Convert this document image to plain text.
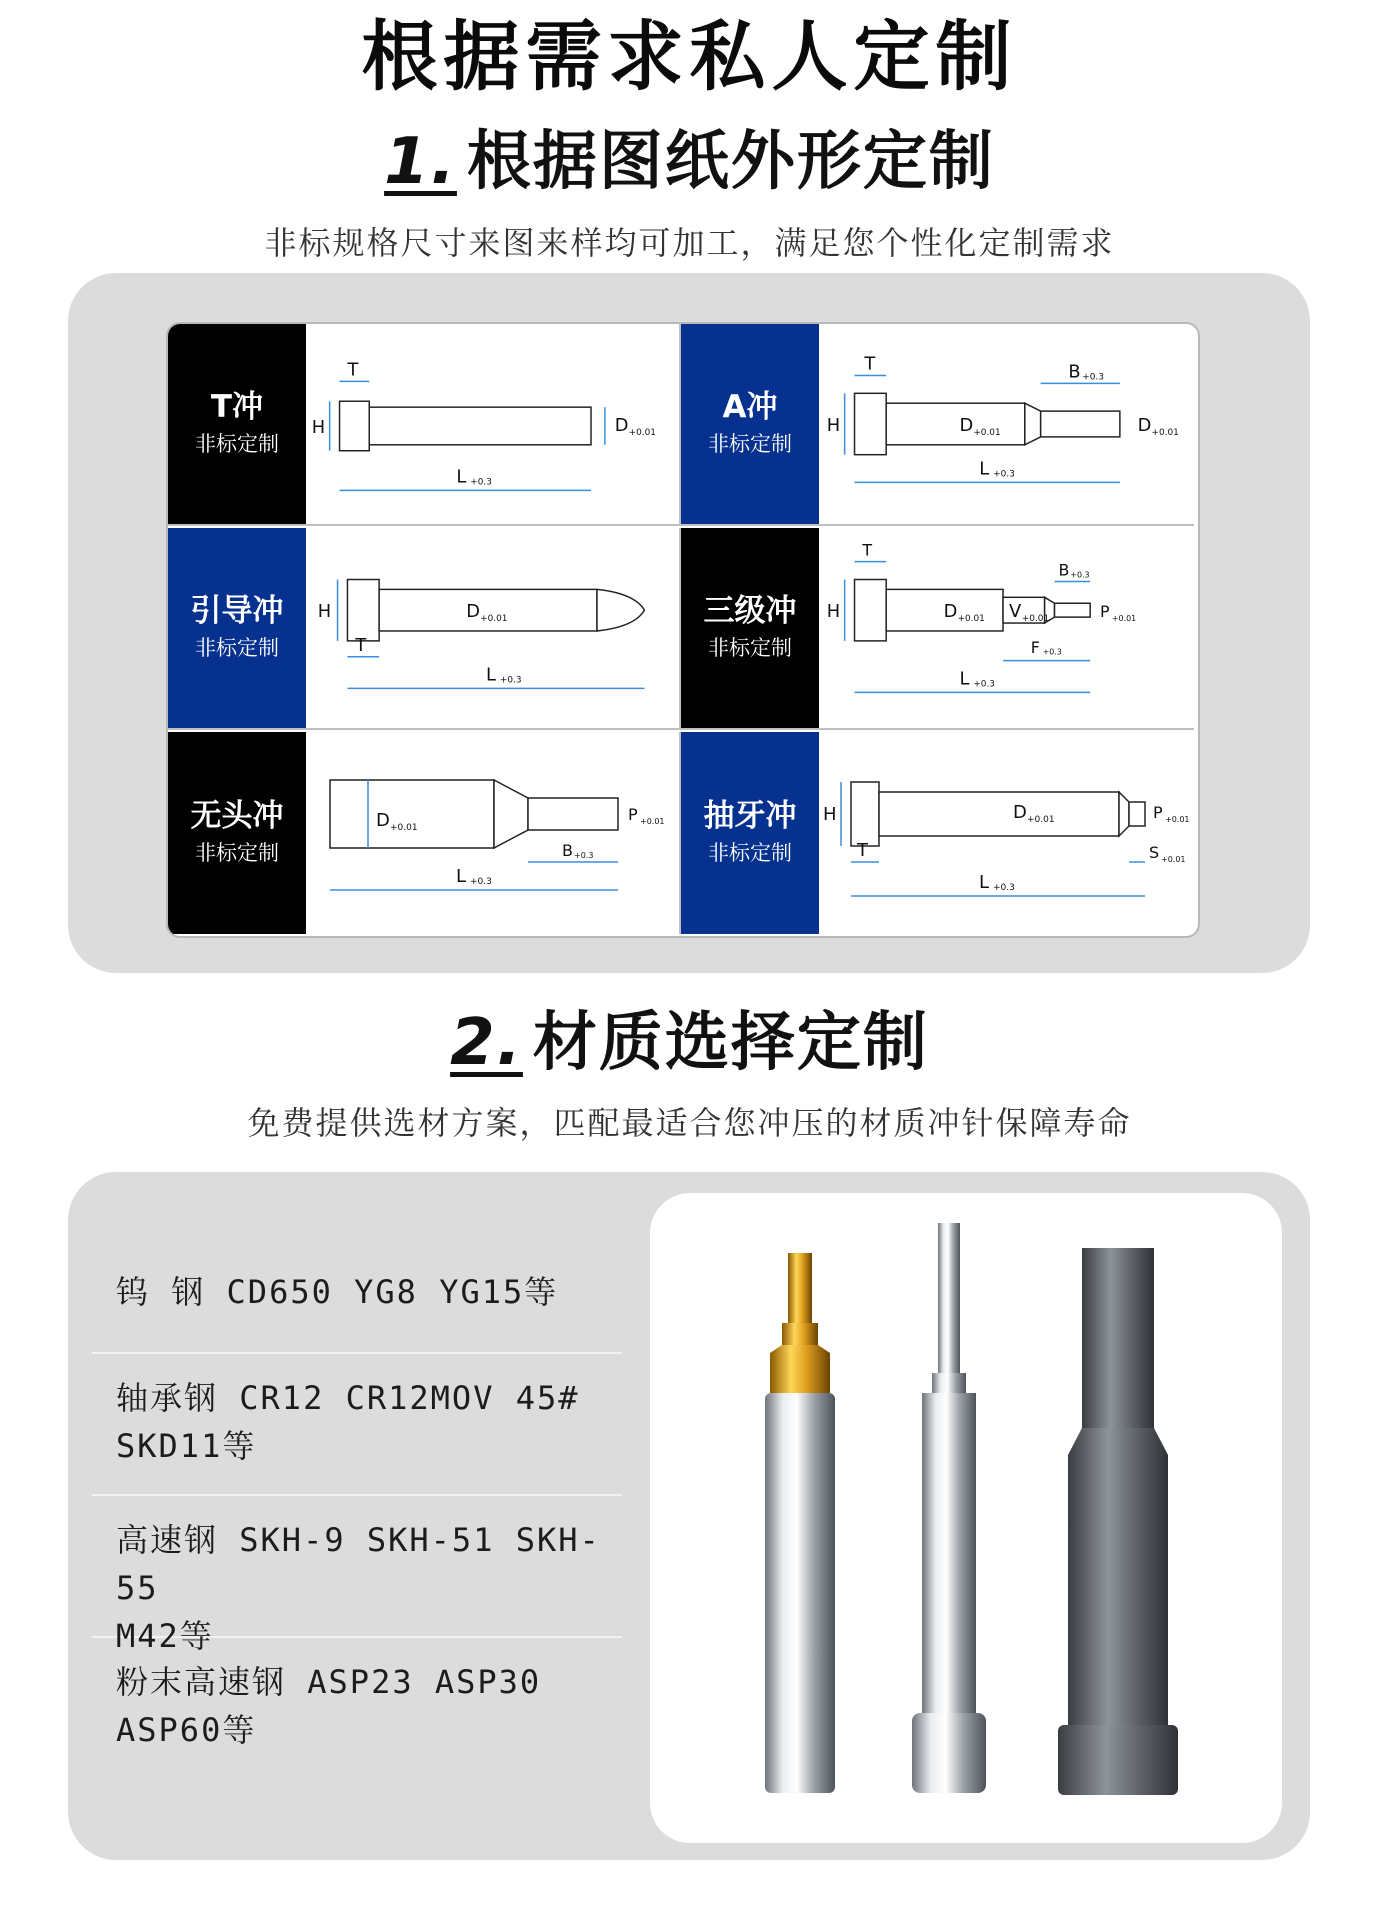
根据需求私人定制
1. 根据图纸外形定制
非标规格尺寸来图来样均可加工，满足您个性化定制需求
T冲
非标定制
T
H	D +0.01
L +0.3
A冲
非标定制
T	B +0.3
H	D +0.01	D +0.01
L +0.3
引导冲
非标定制
H
T
D +0.01
L +0.3
三级冲
非标定制
T
B +0.3
H	D +0.01 V +0.01	P +0.01
F +0.3
L +0.3
无头冲
非标定制
D +0.01
P +0.01
B +0.3
L +0.3
抽牙冲
非标定制
H	D +0.01	P +0.01
T	S +0.01
L +0.3
2. 材质选择定制
免费提供选材方案，匹配最适合您冲压的材质冲针保障寿命
钨 钢 CD650 YG8 YG15等
轴承钢 CR12 CR12MOV 45#
SKD11等
高速钢 SKH-9 SKH-51 SKH-55
M42等
粉末高速钢 ASP23 ASP30
ASP60等
